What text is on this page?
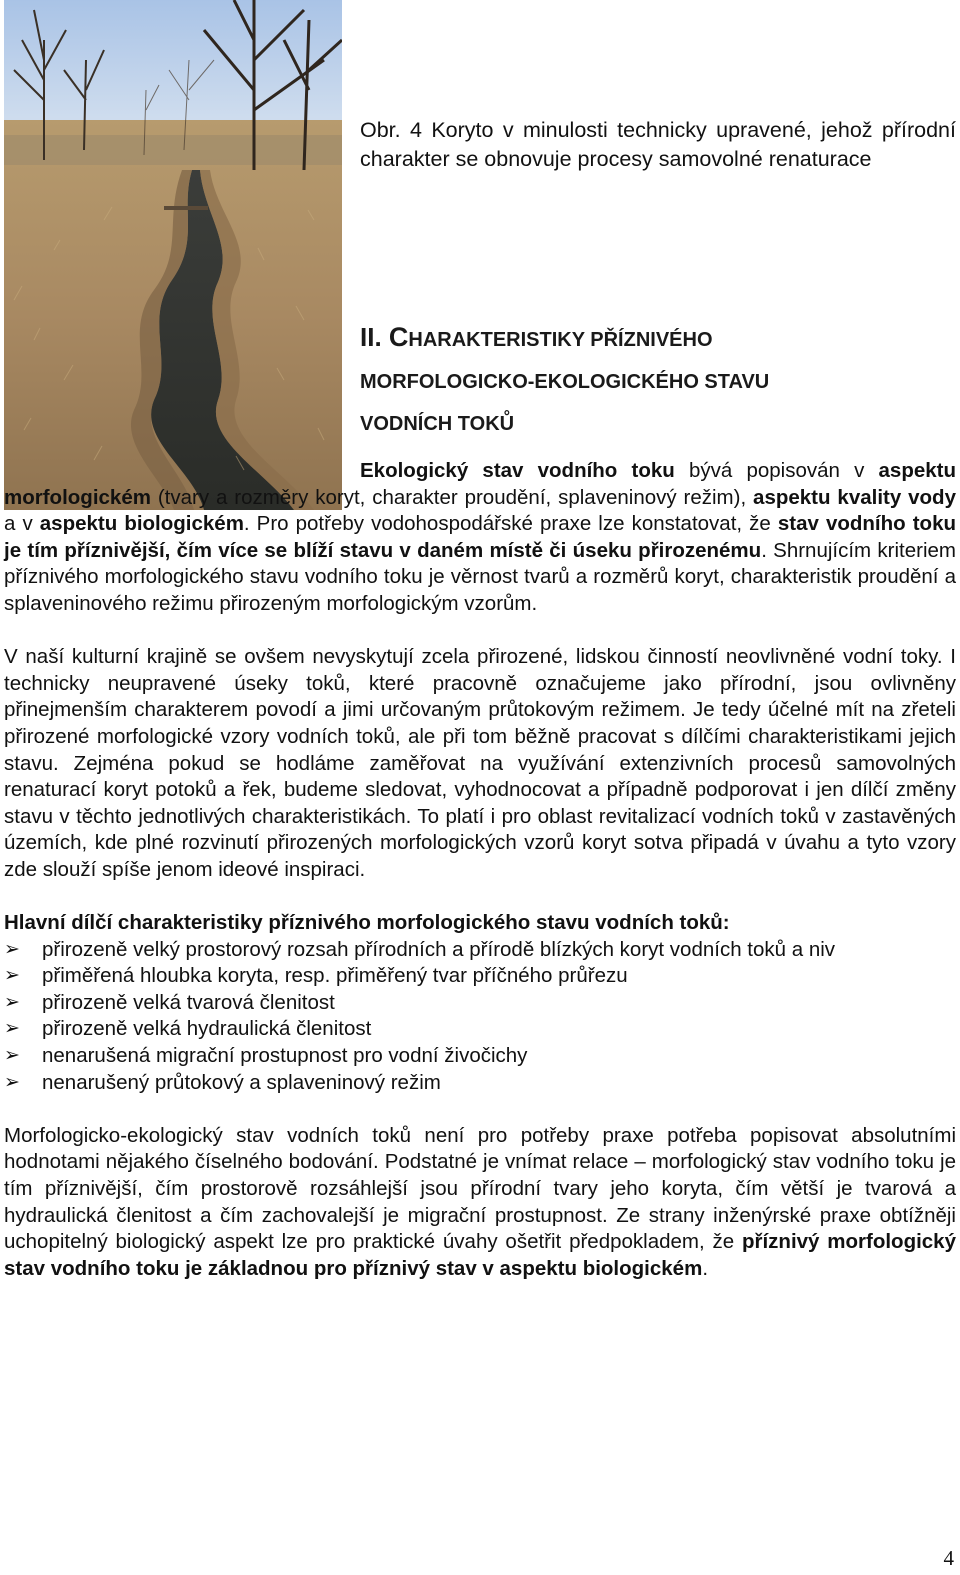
Obr. 4 Koryto v minulosti technicky upravené, jehož přírodní charakter se obnovuje procesy samovolné renaturace
II. CHARAKTERISTIKY PŘÍZNIVÉHO
MORFOLOGICKO-EKOLOGICKÉHO STAVU
VODNÍCH TOKŮ

Ekologický stav vodního toku bývá popisován v aspektu morfologickém (tvary a rozměry koryt, charakter proudění, splaveninový režim), aspektu kvality vody a v aspektu biologickém. Pro potřeby vodohospodářské praxe lze konstatovat, že stav vodního toku je tím příznivější, čím více se blíží stavu v daném místě či úseku přirozenému. Shrnujícím kriteriem příznivého morfologického stavu vodního toku je věrnost tvarů a rozměrů koryt, charakteristik proudění a splaveninového režimu přirozeným morfologickým vzorům.

V naší kulturní krajině se ovšem nevyskytují zcela přirozené, lidskou činností neovlivněné vodní toky. I technicky neupravené úseky toků, které pracovně označujeme jako přírodní, jsou ovlivněny přinejmenším charakterem povodí a jimi určovaným průtokovým režimem. Je tedy účelné mít na zřeteli přirozené morfologické vzory vodních toků, ale při tom běžně pracovat s dílčími charakteristikami jejich stavu. Zejména pokud se hodláme zaměřovat na využívání extenzivních procesů samovolných renaturací koryt potoků a řek, budeme sledovat, vyhodnocovat a případně podporovat i jen dílčí změny stavu v těchto jednotlivých charakteristikách. To platí i pro oblast revitalizací vodních toků v zastavěných územích, kde plné rozvinutí přirozených morfologických vzorů koryt sotva připadá v úvahu a tyto vzory zde slouží spíše jenom ideové inspiraci.

Hlavní dílčí charakteristiky příznivého morfologického stavu vodních toků:

➢ přirozeně velký prostorový rozsah přírodních a přírodě blízkých koryt vodních toků a niv
➢ přiměřená hloubka koryta, resp. přiměřený tvar příčného průřezu
➢ přirozeně velká tvarová členitost
➢ přirozeně velká hydraulická členitost
➢ nenarušená migrační prostupnost pro vodní živočichy
➢ nenarušený průtokový a splaveninový režim

Morfologicko-ekologický stav vodních toků není pro potřeby praxe potřeba popisovat absolutními hodnotami nějakého číselného bodování. Podstatné je vnímat relace – morfologický stav vodního toku je tím příznivější, čím prostorově rozsáhlejší jsou přírodní tvary jeho koryta, čím větší je tvarová a hydraulická členitost a čím zachovalejší je migrační prostupnost. Ze strany inženýrské praxe obtížněji uchopitelný biologický aspekt lze pro praktické úvahy ošetřit předpokladem, že příznivý morfologický stav vodního toku je základnou pro příznivý stav v aspektu biologickém.

4
